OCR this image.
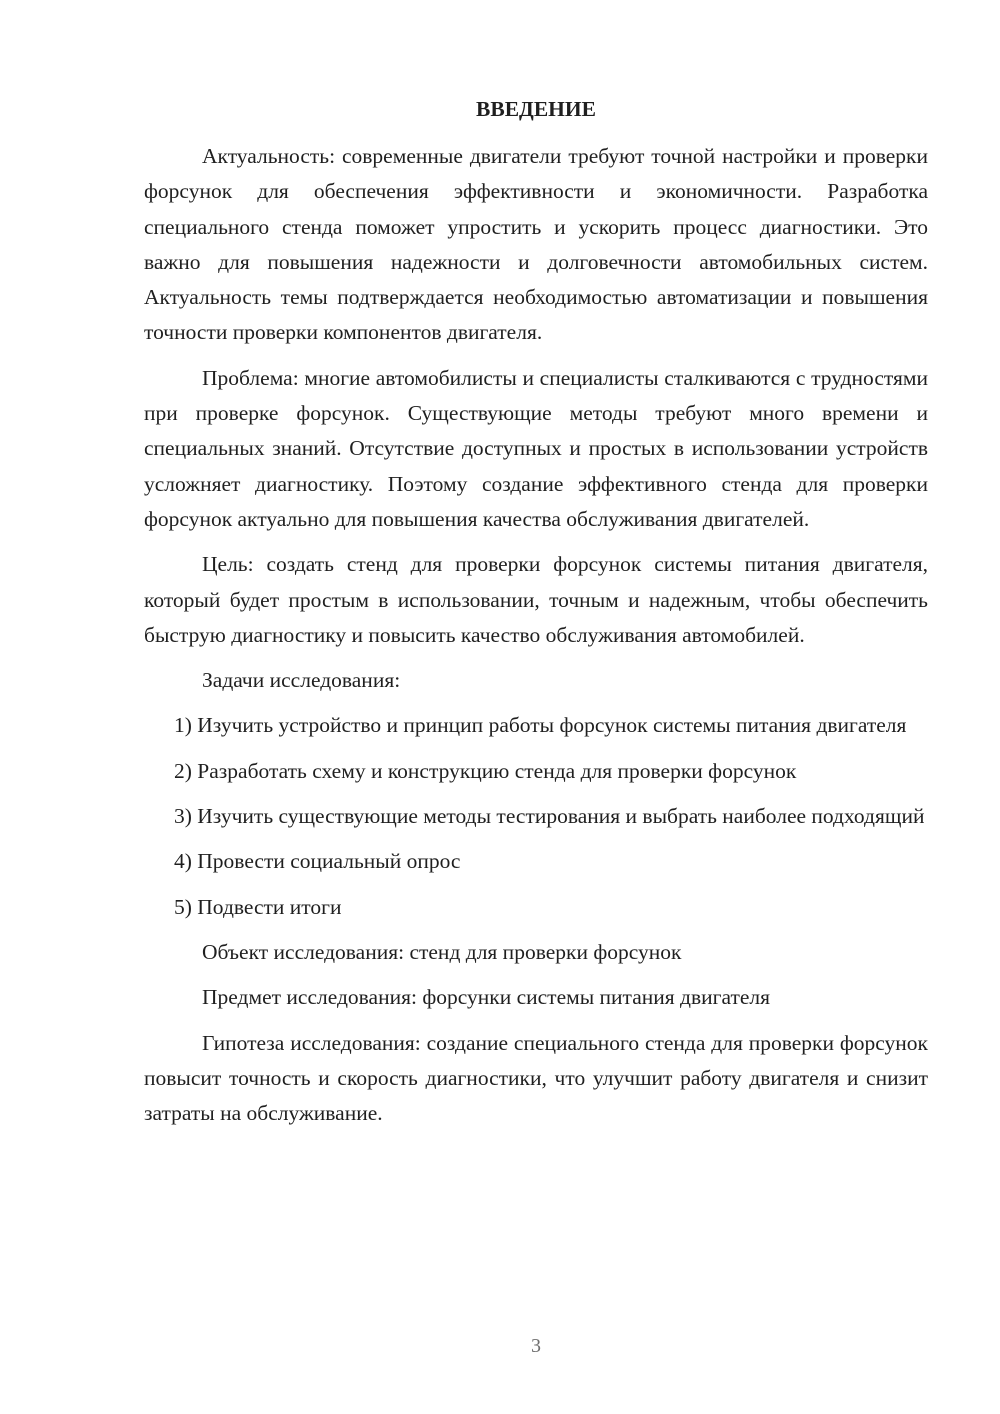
ВВЕДЕНИЕ

Актуальность: современные двигатели требуют точной настройки и проверки форсунок для обеспечения эффективности и экономичности. Разработка специального стенда поможет упростить и ускорить процесс диагностики. Это важно для повышения надежности и долговечности автомобильных систем. Актуальность темы подтверждается необходимостью автоматизации и повышения точности проверки компонентов двигателя.

Проблема: многие автомобилисты и специалисты сталкиваются с трудностями при проверке форсунок. Существующие методы требуют много времени и специальных знаний. Отсутствие доступных и простых в использовании устройств усложняет диагностику. Поэтому создание эффективного стенда для проверки форсунок актуально для повышения качества обслуживания двигателей.

Цель: создать стенд для проверки форсунок системы питания двигателя, который будет простым в использовании, точным и надежным, чтобы обеспечить быструю диагностику и повысить качество обслуживания автомобилей.

Задачи исследования:

1) Изучить устройство и принцип работы форсунок системы питания двигателя

2) Разработать схему и конструкцию стенда для проверки форсунок

3) Изучить существующие методы тестирования и выбрать наиболее подходящий

4) Провести социальный опрос

5) Подвести итоги

Объект исследования: стенд для проверки форсунок

Предмет исследования: форсунки системы питания двигателя

Гипотеза исследования: создание специального стенда для проверки форсунок повысит точность и скорость диагностики, что улучшит работу двигателя и снизит затраты на обслуживание.

3
